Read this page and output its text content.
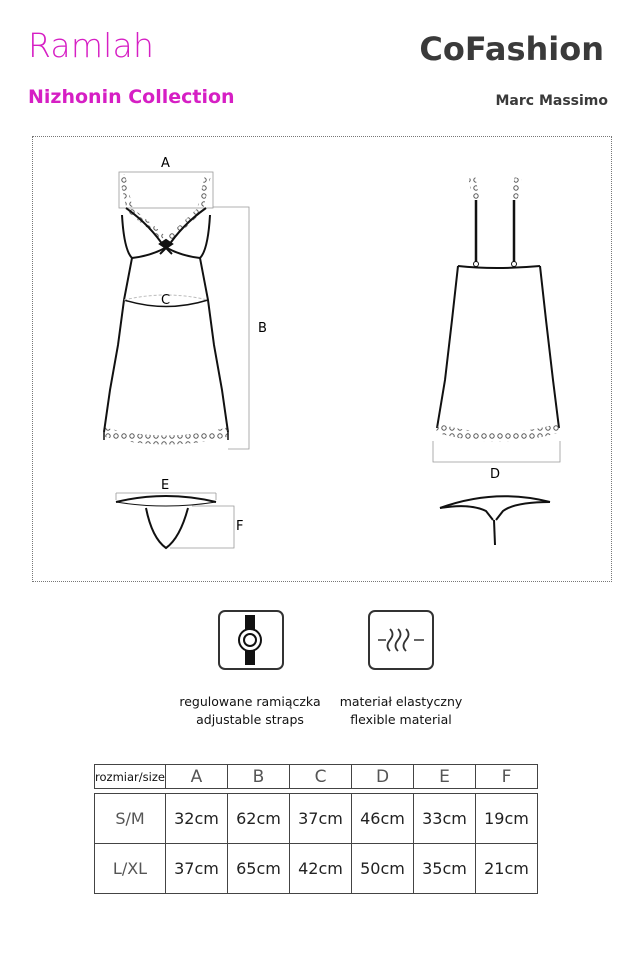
Ramlah
Nizhonin Collection
CoFashion
Marc Massimo
A
B
C
D
E
F
regulowane ramiączka
adjustable straps
materiał elastyczny
flexible material
rozmiar/size	A	B	C	D	E	F

S/M	32cm	62cm	37cm	46cm	33cm	19cm
L/XL	37cm	65cm	42cm	50cm	35cm	21cm
